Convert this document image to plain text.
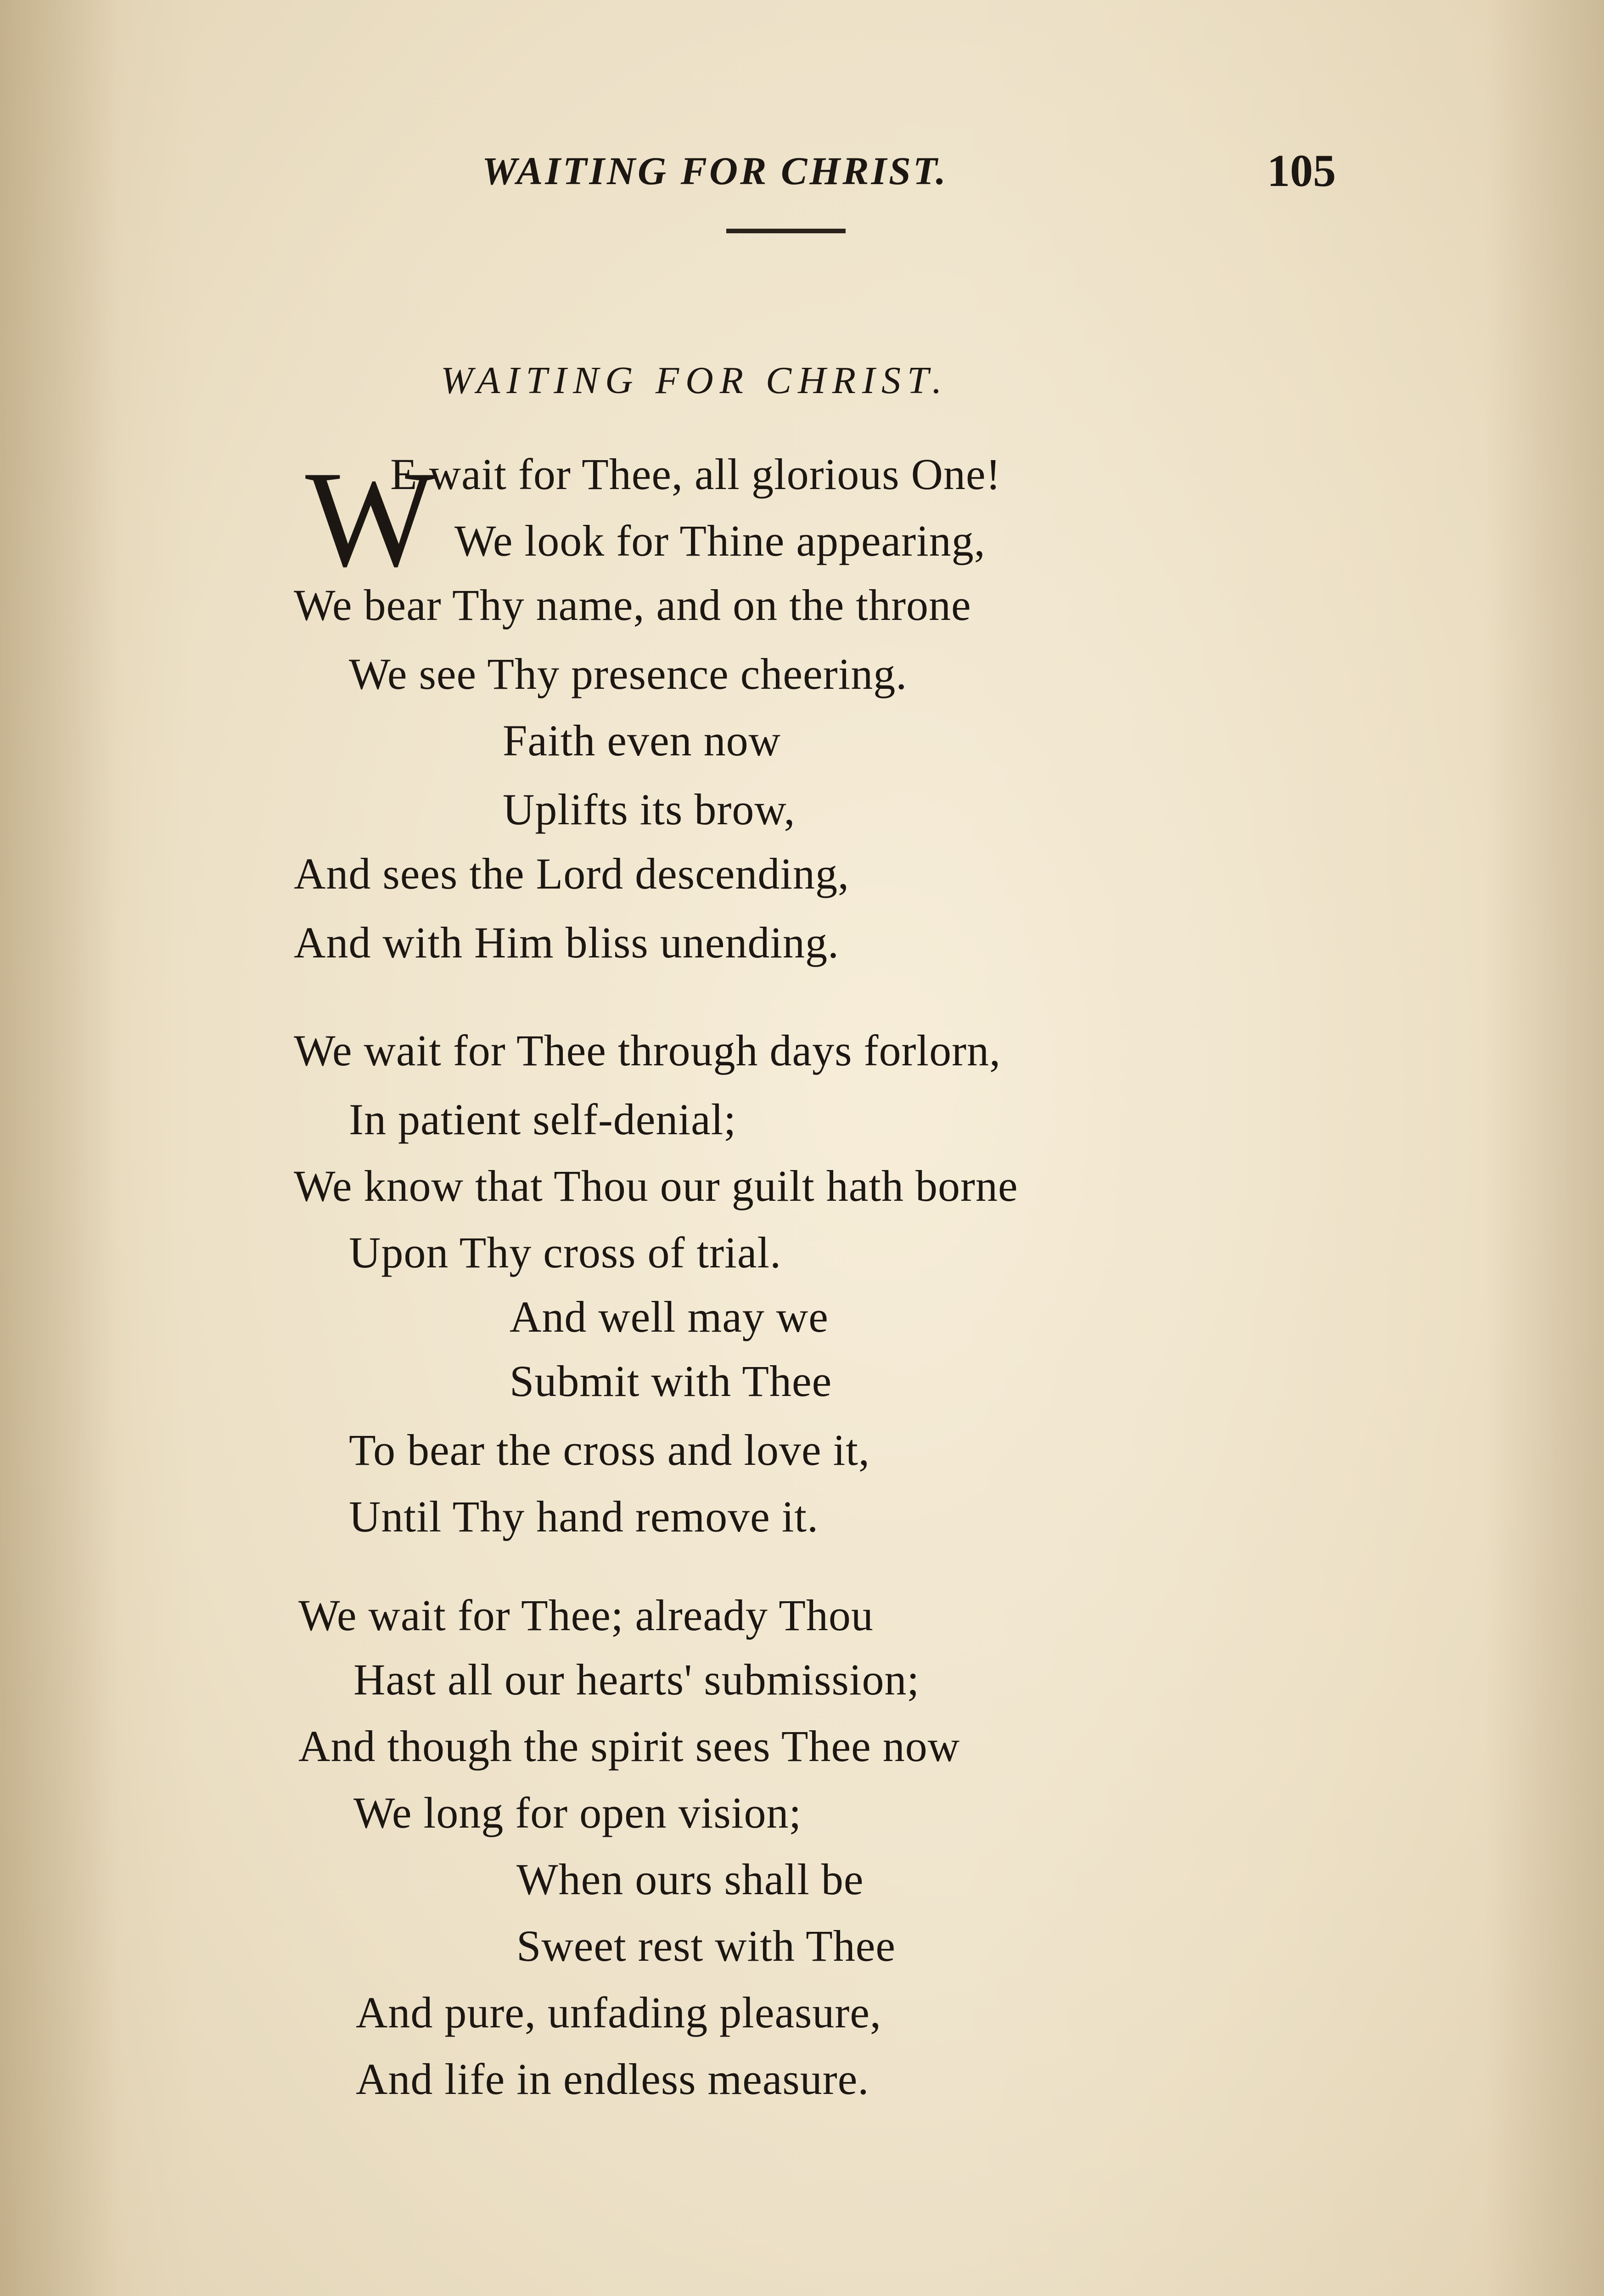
WAITING FOR CHRIST.	105
WAITING FOR CHRIST.
W
E wait for Thee, all glorious One!
We look for Thine appearing,
We bear Thy name, and on the throne
We see Thy presence cheering.
Faith even now
Uplifts its brow,
And sees the Lord descending,
And with Him bliss unending.
We wait for Thee through days forlorn,
In patient self-denial;
We know that Thou our guilt hath borne
Upon Thy cross of trial.
And well may we
Submit with Thee
To bear the cross and love it,
Until Thy hand remove it.
We wait for Thee; already Thou
Hast all our hearts' submission;
And though the spirit sees Thee now
We long for open vision;
When ours shall be
Sweet rest with Thee
And pure, unfading pleasure,
And life in endless measure.
